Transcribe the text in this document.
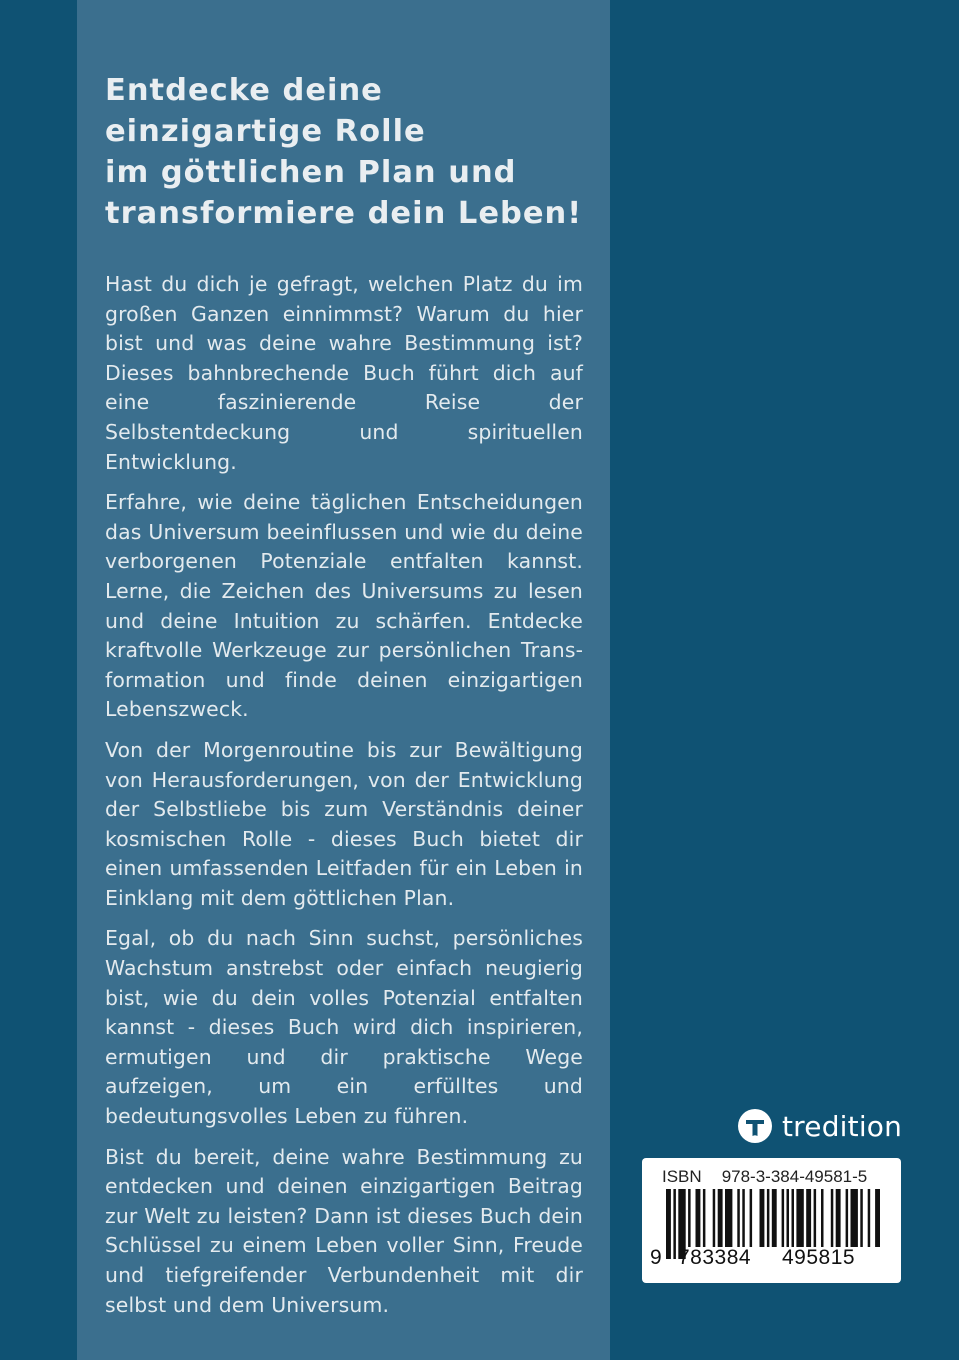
Entdecke deine
einzigartige Rolle
im göttlichen Plan und
transformiere dein Leben!

Hast du dich je gefragt, welchen Platz du im großen Ganzen einnimmst? Warum du hier bist und was deine wahre Bestimmung ist? Dieses bahnbrechende Buch führt dich auf eine faszinierende Reise der Selbstentdeckung und spirituellen Entwicklung.

Erfahre, wie deine täglichen Entscheidungen das Universum beeinflussen und wie du deine verborgenen Potenziale entfalten kannst. Lerne, die Zeichen des Universums zu lesen und deine Intuition zu schärfen. Entdecke kraftvolle Werkzeuge zur persönlichen Transformation und finde deinen einzigartigen Lebenszweck.

Von der Morgenroutine bis zur Bewältigung von Herausforderungen, von der Entwicklung der Selbstliebe bis zum Verständnis deiner kosmischen Rolle - dieses Buch bietet dir einen umfassenden Leitfaden für ein Leben in Einklang mit dem göttlichen Plan.

Egal, ob du nach Sinn suchst, persönliches Wachstum anstrebst oder einfach neugierig bist, wie du dein volles Potenzial entfalten kannst - dieses Buch wird dich inspirieren, ermutigen und dir praktische Wege aufzeigen, um ein erfülltes und bedeutungsvolles Leben zu führen.

Bist du bereit, deine wahre Bestimmung zu entdecken und deinen einzigartigen Beitrag zur Welt zu leisten? Dann ist dieses Buch dein Schlüssel zu einem Leben voller Sinn, Freude und tiefgreifender Verbundenheit mit dir selbst und dem Universum.

tredition
ISBN 978-3-384-49581-5
9 783384 495815
